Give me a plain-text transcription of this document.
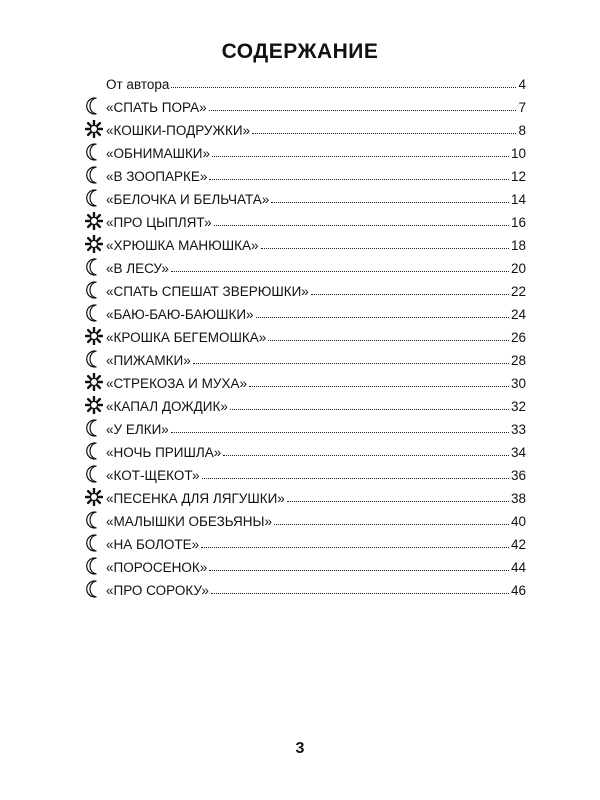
СОДЕРЖАНИЕ
От автора	4
«СПАТЬ ПОРА»	7
«КОШКИ-ПОДРУЖКИ»	8
«ОБНИМАШКИ»	10
«В ЗООПАРКЕ»	12
«БЕЛОЧКА И БЕЛЬЧАТА»	14
«ПРО ЦЫПЛЯТ»	16
«ХРЮШКА МАНЮШКА»	18
«В ЛЕСУ»	20
«СПАТЬ СПЕШАТ ЗВЕРЮШКИ»	22
«БАЮ-БАЮ-БАЮШКИ»	24
«КРОШКА БЕГЕМОШКА»	26
«ПИЖАМКИ»	28
«СТРЕКОЗА И МУХА»	30
«КАПАЛ ДОЖДИК»	32
«У ЕЛКИ»	33
«НОЧЬ ПРИШЛА»	34
«КОТ-ЩЕКОТ»	36
«ПЕСЕНКА ДЛЯ ЛЯГУШКИ»	38
«МАЛЫШКИ ОБЕЗЬЯНЫ»	40
«НА БОЛОТЕ»	42
«ПОРОСЕНОК»	44
«ПРО СОРОКУ»	46
3
